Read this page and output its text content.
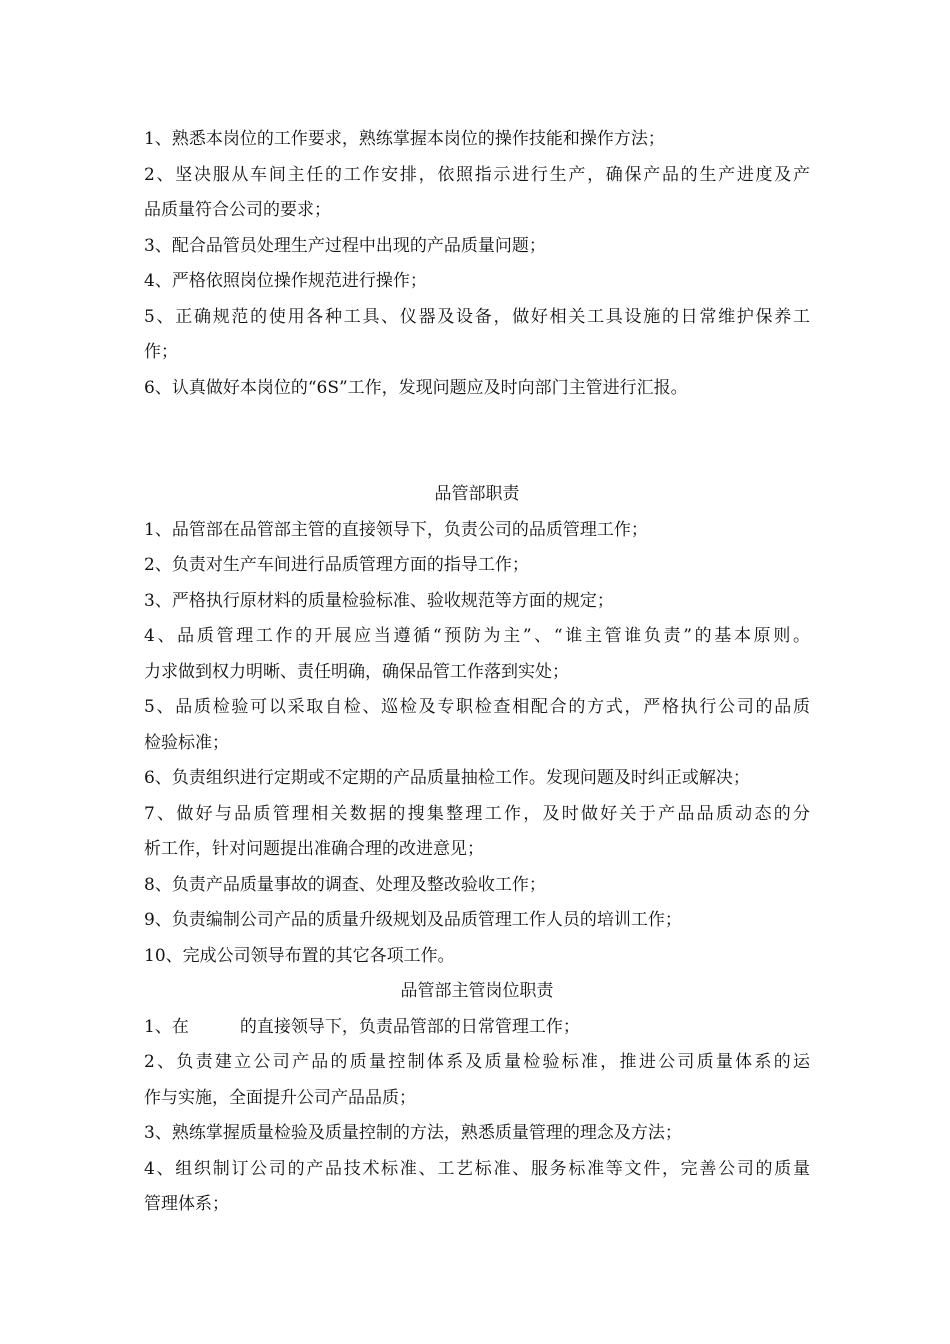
1、熟悉本岗位的工作要求，熟练掌握本岗位的操作技能和操作方法；
2、坚决服从车间主任的工作安排，依照指示进行生产，确保产品的生产进度及产
品质量符合公司的要求；
3、配合品管员处理生产过程中出现的产品质量问题；
4、严格依照岗位操作规范进行操作；
5、正确规范的使用各种工具、仪器及设备，做好相关工具设施的日常维护保养工
作；
6、认真做好本岗位的“6S”工作，发现问题应及时向部门主管进行汇报。
品管部职责
1、品管部在品管部主管的直接领导下，负责公司的品质管理工作；
2、负责对生产车间进行品质管理方面的指导工作；
3、严格执行原材料的质量检验标准、验收规范等方面的规定；
4、品质管理工作的开展应当遵循“预防为主”、“谁主管谁负责”的基本原则。
力求做到权力明晰、责任明确，确保品管工作落到实处；
5、品质检验可以采取自检、巡检及专职检查相配合的方式，严格执行公司的品质
检验标准；
6、负责组织进行定期或不定期的产品质量抽检工作。发现问题及时纠正或解决；
7、做好与品质管理相关数据的搜集整理工作，及时做好关于产品品质动态的分
析工作，针对问题提出准确合理的改进意见；
8、负责产品质量事故的调查、处理及整改验收工作；
9、负责编制公司产品的质量升级规划及品质管理工作人员的培训工作；
10、完成公司领导布置的其它各项工作。
品管部主管岗位职责
1、在　　　的直接领导下，负责品管部的日常管理工作；
2、负责建立公司产品的质量控制体系及质量检验标准，推进公司质量体系的运
作与实施，全面提升公司产品品质；
3、熟练掌握质量检验及质量控制的方法，熟悉质量管理的理念及方法；
4、组织制订公司的产品技术标准、工艺标准、服务标准等文件，完善公司的质量
管理体系；
